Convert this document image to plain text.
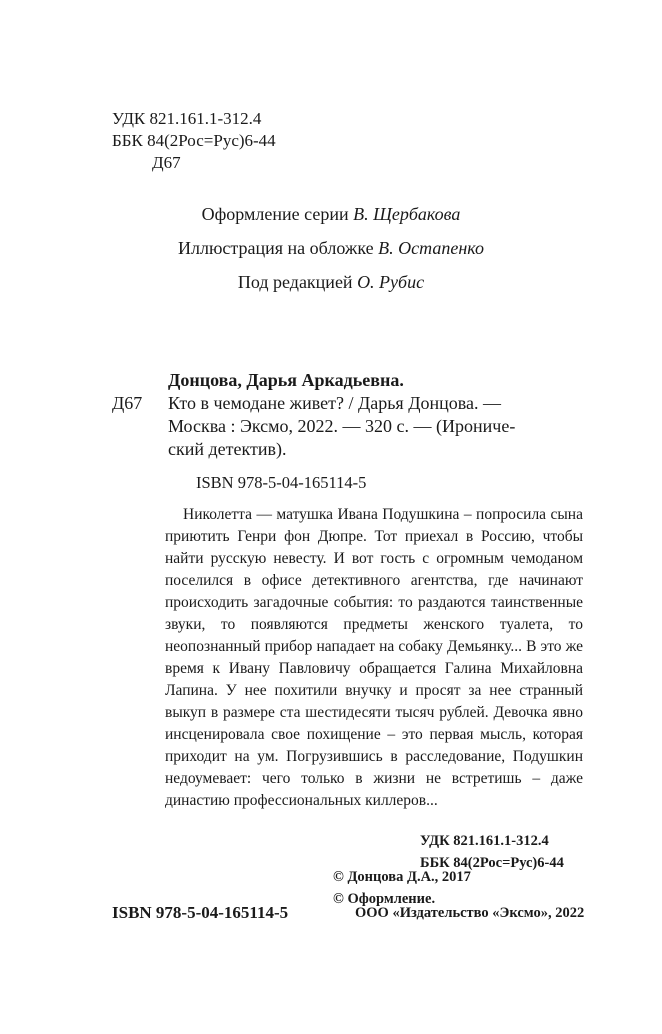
УДК 821.161.1-312.4
ББК 84(2Рос=Рус)6-44
Д67
Оформление серии В. Щербакова
Иллюстрация на обложке В. Остапенко
Под редакцией О. Рубис
Донцова, Дарья Аркадьевна.
Д67 Кто в чемодане живет? / Дарья Донцова. —
Москва : Эксмо, 2022. — 320 с. — (Ирониче-
ский детектив).
ISBN 978-5-04-165114-5

Николетта — матушка Ивана Подушкина – попросила сына приютить Генри фон Дюпре. Тот приехал в Россию, чтобы найти русскую невесту. И вот гость с огромным чемоданом поселился в офисе детективного агентства, где начинают происходить загадочные события: то раздаются таинственные звуки, то появляются предметы женского туалета, то неопознанный прибор нападает на собаку Демьянку... В это же время к Ивану Павловичу обращается Галина Михайловна Лапина. У нее похитили внучку и просят за нее странный выкуп в размере ста шестидесяти тысяч рублей. Девочка явно инсценировала свое похищение – это первая мысль, которая приходит на ум. Погрузившись в расследование, Подушкин недоумевает: чего только в жизни не встретишь – даже династию профессиональных киллеров...

УДК 821.161.1-312.4
ББК 84(2Рос=Рус)6-44
© Донцова Д.А., 2017
© Оформление.
ISBN 978-5-04-165114-5	ООО «Издательство «Эксмо», 2022
